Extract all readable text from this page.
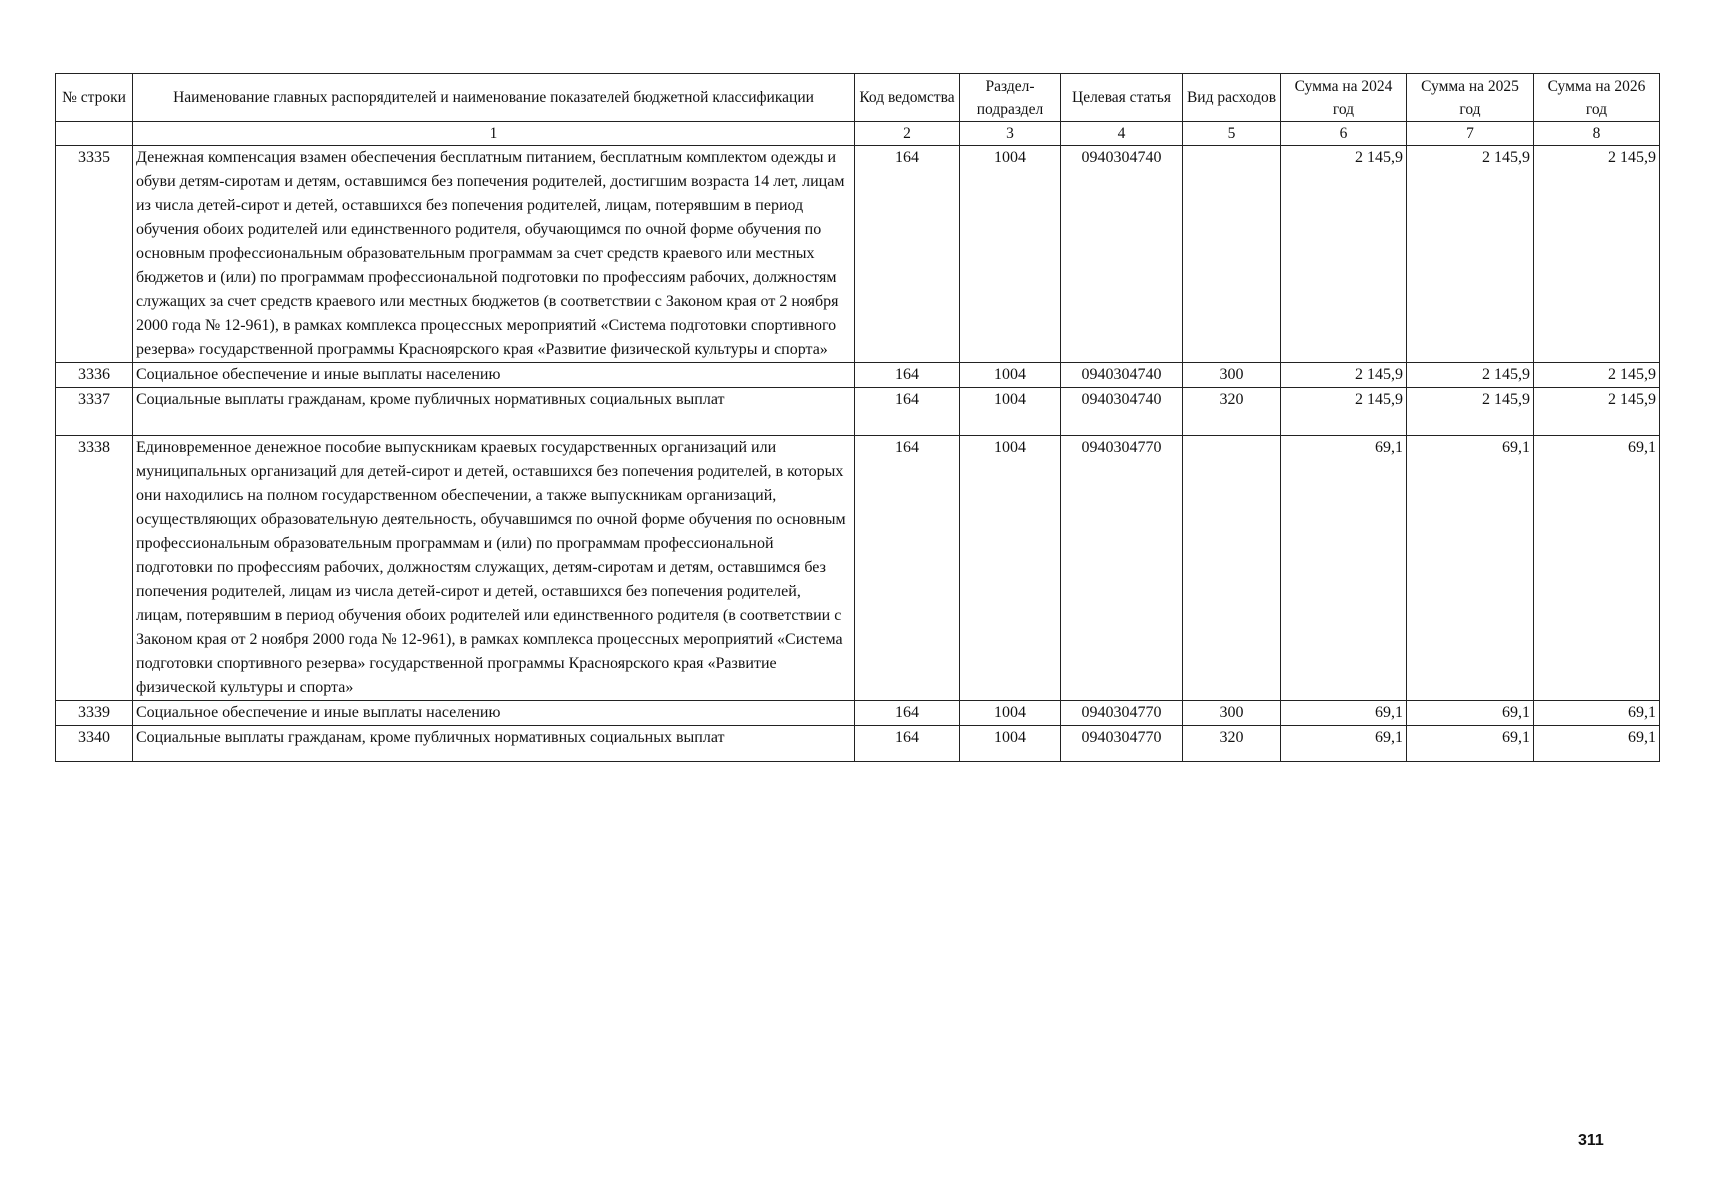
№ строки	Наименование главных распорядителей и наименование показателей бюджетной классификации	Код ведомства	Раздел-подраздел	Целевая статья	Вид расходов	Сумма на 2024 год	Сумма на 2025 год	Сумма на 2026 год
	1	2	3	4	5	6	7	8
3335	Денежная компенсация взамен обеспечения бесплатным питанием, бесплатным комплектом одежды и обуви детям-сиротам и детям, оставшимся без попечения родителей, достигшим возраста 14 лет, лицам из числа детей-сирот и детей, оставшихся без попечения родителей, лицам, потерявшим в период обучения обоих родителей или единственного родителя, обучающимся по очной форме обучения по основным профессиональным образовательным программам за счет средств краевого или местных бюджетов и (или) по программам профессиональной подготовки по профессиям рабочих, должностям служащих за счет средств краевого или местных бюджетов (в соответствии с Законом края от 2 ноября 2000 года № 12-961), в рамках комплекса процессных мероприятий «Система подготовки спортивного резерва» государственной программы Красноярского края «Развитие физической культуры и спорта»	164	1004	0940304740		2 145,9	2 145,9	2 145,9
3336	Социальное обеспечение и иные выплаты населению	164	1004	0940304740	300	2 145,9	2 145,9	2 145,9
3337	Социальные выплаты гражданам, кроме публичных нормативных социальных выплат	164	1004	0940304740	320	2 145,9	2 145,9	2 145,9
3338	Единовременное денежное пособие выпускникам краевых государственных организаций или муниципальных организаций для детей-сирот и детей, оставшихся без попечения родителей, в которых они находились на полном государственном обеспечении, а также выпускникам организаций, осуществляющих образовательную деятельность, обучавшимся по очной форме обучения по основным профессиональным образовательным программам и (или) по программам профессиональной подготовки по профессиям рабочих, должностям служащих, детям-сиротам и детям, оставшимся без попечения родителей, лицам из числа детей-сирот и детей, оставшихся без попечения родителей, лицам, потерявшим в период обучения обоих родителей или единственного родителя (в соответствии с Законом края от 2 ноября 2000 года № 12-961), в рамках комплекса процессных мероприятий «Система подготовки спортивного резерва» государственной программы Красноярского края «Развитие физической культуры и спорта»	164	1004	0940304770		69,1	69,1	69,1
3339	Социальное обеспечение и иные выплаты населению	164	1004	0940304770	300	69,1	69,1	69,1
3340	Социальные выплаты гражданам, кроме публичных нормативных социальных выплат	164	1004	0940304770	320	69,1	69,1	69,1
311
